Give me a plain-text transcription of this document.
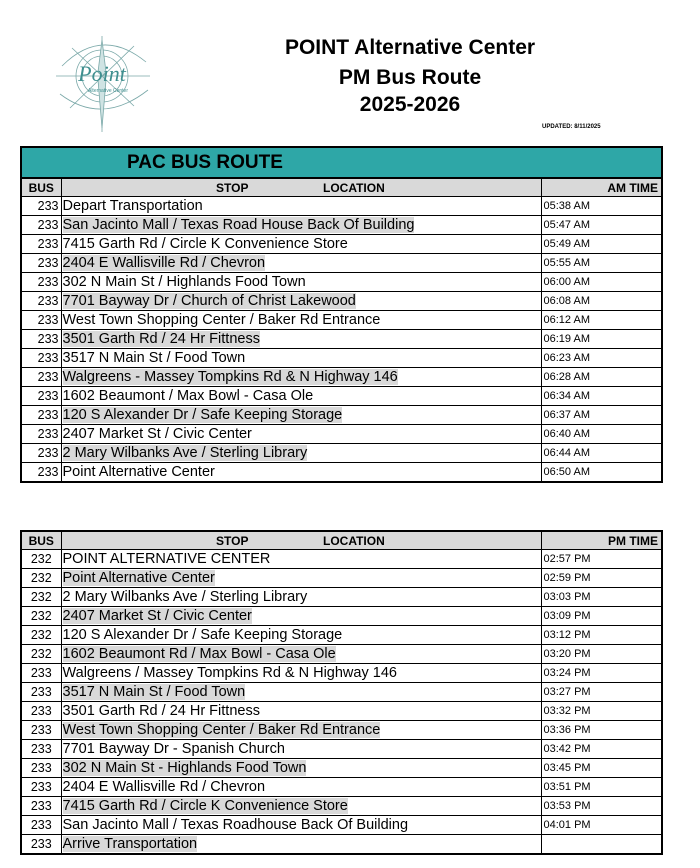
Point
Alternative Center
POINT Alternative Center
PM Bus Route
2025-2026
UPDATED: 8/11/2025
PAC BUS ROUTE			
BUS	STOP	LOCATION	AM TIME
233	Depart Transportation		05:38 AM
233	San Jacinto Mall / Texas Road House Back Of Building		05:47 AM
233	7415 Garth Rd / Circle K Convenience Store		05:49 AM
233	2404 E Wallisville Rd / Chevron		05:55 AM
233	302 N Main St / Highlands Food Town		06:00 AM
233	7701 Bayway Dr / Church of Christ Lakewood		06:08 AM
233	West Town Shopping Center / Baker Rd Entrance		06:12 AM
233	3501 Garth Rd / 24 Hr Fittness		06:19 AM
233	3517 N Main St / Food Town		06:23 AM
233	Walgreens - Massey Tompkins Rd & N Highway 146		06:28 AM
233	1602 Beaumont / Max Bowl - Casa Ole		06:34 AM
233	120 S Alexander Dr / Safe Keeping Storage		06:37 AM
233	2407 Market St / Civic Center		06:40 AM
233	2 Mary Wilbanks Ave / Sterling Library		06:44 AM
233	Point Alternative Center		06:50 AM
BUS	STOP	LOCATION	PM TIME
232	POINT ALTERNATIVE CENTER		02:57 PM
232	Point Alternative Center		02:59 PM
232	2 Mary Wilbanks Ave / Sterling Library		03:03 PM
232	2407 Market St / Civic Center		03:09 PM
232	120 S Alexander Dr / Safe Keeping Storage		03:12 PM
232	1602 Beaumont Rd / Max Bowl - Casa Ole		03:20 PM
233	Walgreens / Massey Tompkins Rd & N Highway 146		03:24 PM
233	3517 N Main St / Food Town		03:27 PM
233	3501 Garth Rd / 24 Hr Fittness		03:32 PM
233	West Town Shopping Center / Baker Rd Entrance		03:36 PM
233	7701 Bayway Dr - Spanish Church		03:42 PM
233	302 N Main St - Highlands Food Town		03:45 PM
233	2404 E Wallisville Rd / Chevron		03:51 PM
233	7415 Garth Rd / Circle K Convenience Store		03:53 PM
233	San Jacinto Mall / Texas Roadhouse Back Of Building		04:01 PM
233	Arrive Transportation		
